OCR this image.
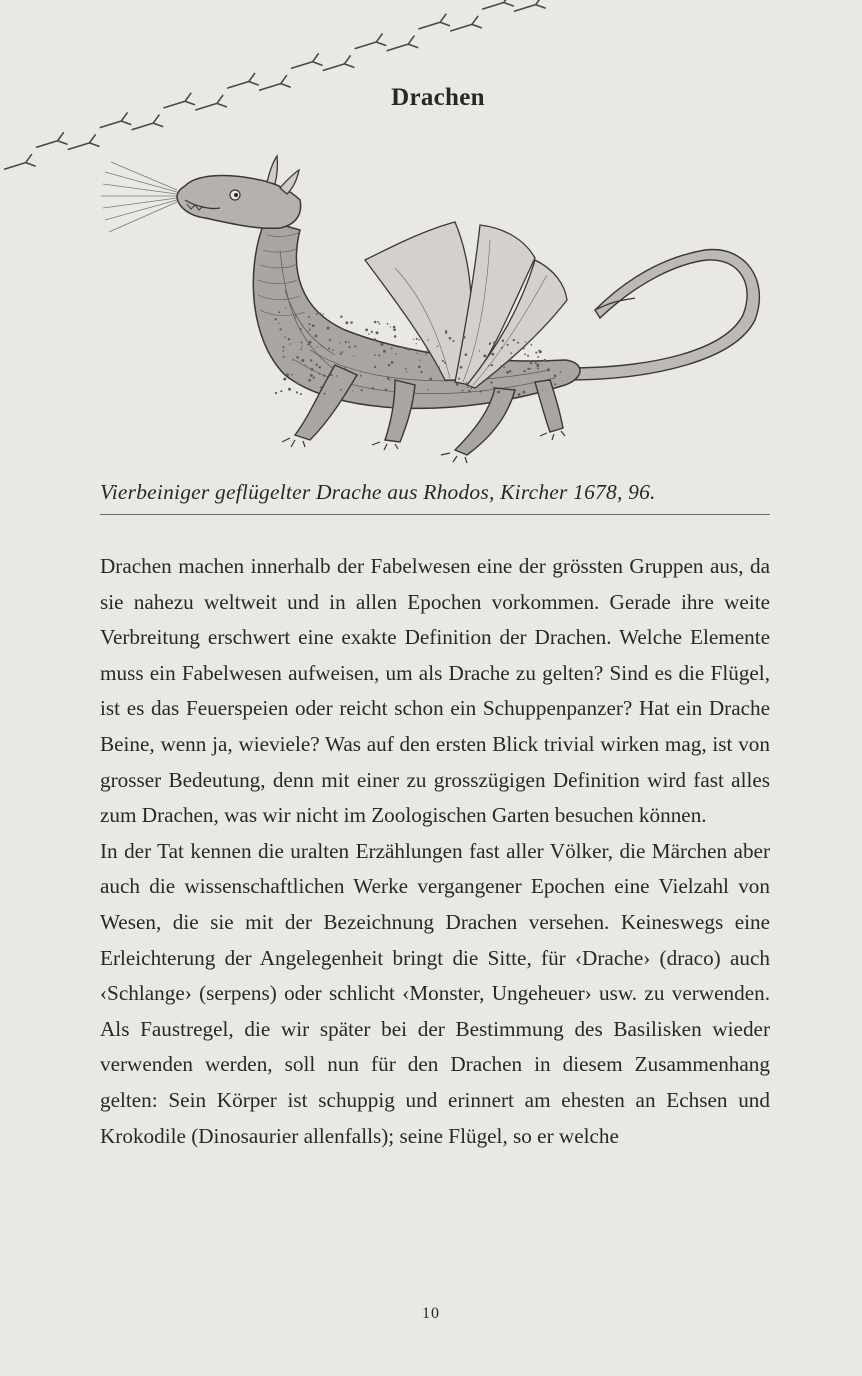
Drachen
Vierbeiniger geflügelter Drache aus Rhodos, Kircher 1678, 96.

Drachen machen innerhalb der Fabelwesen eine der grössten Gruppen aus, da sie nahezu weltweit und in allen Epochen vorkommen. Gerade ihre weite Verbreitung erschwert eine exakte Definition der Drachen. Welche Elemente muss ein Fabelwesen aufweisen, um als Drache zu gelten? Sind es die Flügel, ist es das Feuerspeien oder reicht schon ein Schuppenpanzer? Hat ein Drache Beine, wenn ja, wieviele? Was auf den ersten Blick trivial wirken mag, ist von grosser Bedeutung, denn mit einer zu grosszügigen Definition wird fast alles zum Drachen, was wir nicht im Zoologischen Garten besuchen können.

In der Tat kennen die uralten Erzählungen fast aller Völker, die Märchen aber auch die wissenschaftlichen Werke vergangener Epochen eine Vielzahl von Wesen, die sie mit der Bezeichnung Drachen versehen. Keineswegs eine Erleichterung der Angelegenheit bringt die Sitte, für ‹Drache› (draco) auch ‹Schlange› (serpens) oder schlicht ‹Monster, Ungeheuer› usw. zu verwenden. Als Faustregel, die wir später bei der Bestimmung des Basilisken wieder verwenden werden, soll nun für den Drachen in diesem Zusammenhang gelten: Sein Körper ist schuppig und erinnert am ehesten an Echsen und Krokodile (Dinosaurier allenfalls); seine Flügel, so er welche

10
